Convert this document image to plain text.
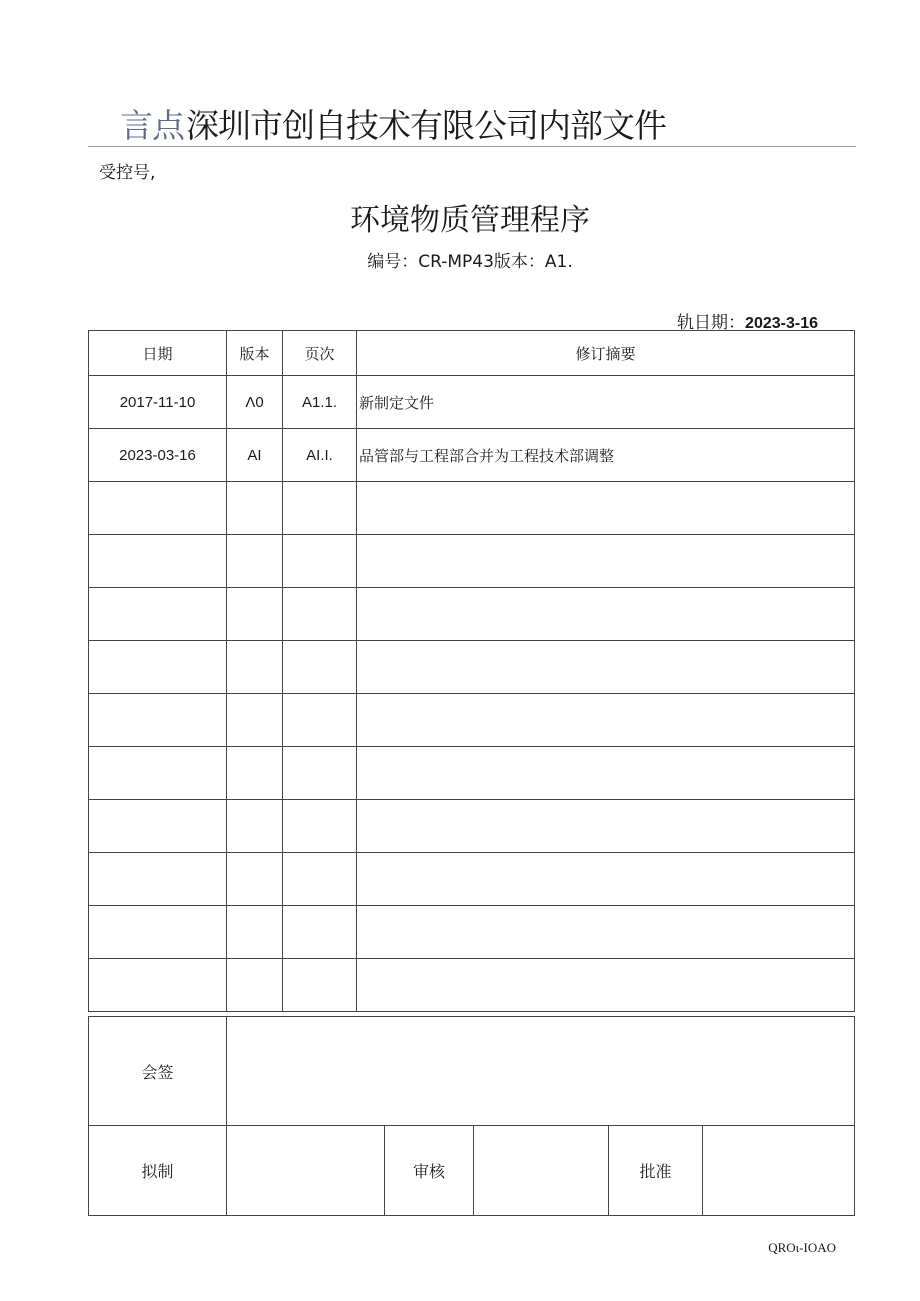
言点深圳市创自技术有限公司内部文件
受控号,
环境物质管理程序
编号：CR-MP43版本：A1.
轨日期：2023-3-16
日期	版本	页次	修订摘要
2017-11-10	Λ0	A1.1.	新制定文件
2023-03-16	AI	AI.I.	品管部与工程部合并为工程技术部调整

会签					
拟制		审核		批准	
QROι-IOAO
